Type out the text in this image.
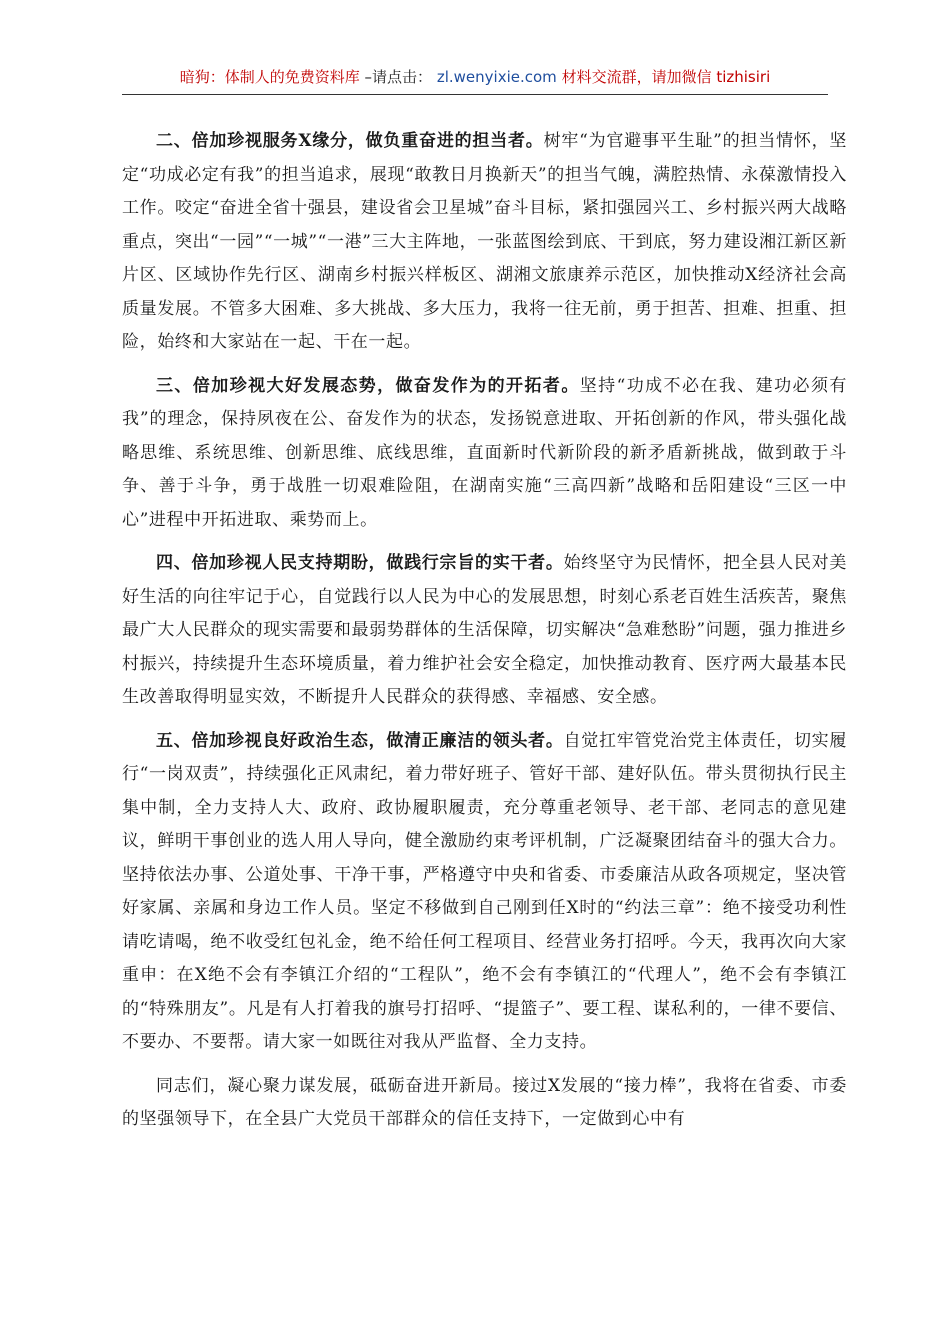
暗狗：体制人的免费资料库 –请点击： zl.wenyixie.com 材料交流群，请加微信 tizhisiri

二、倍加珍视服务X缘分，做负重奋进的担当者。树牢“为官避事平生耻”的担当情怀，坚定“功成必定有我”的担当追求，展现“敢教日月换新天”的担当气魄，满腔热情、永葆激情投入工作。咬定“奋进全省十强县，建设省会卫星城”奋斗目标，紧扣强园兴工、乡村振兴两大战略重点，突出“一园”“一城”“一港”三大主阵地，一张蓝图绘到底、干到底，努力建设湘江新区新片区、区域协作先行区、湖南乡村振兴样板区、湖湘文旅康养示范区，加快推动X经济社会高质量发展。不管多大困难、多大挑战、多大压力，我将一往无前，勇于担苦、担难、担重、担险，始终和大家站在一起、干在一起。

三、倍加珍视大好发展态势，做奋发作为的开拓者。坚持“功成不必在我、建功必须有我”的理念，保持夙夜在公、奋发作为的状态，发扬锐意进取、开拓创新的作风，带头强化战略思维、系统思维、创新思维、底线思维，直面新时代新阶段的新矛盾新挑战，做到敢于斗争、善于斗争，勇于战胜一切艰难险阻，在湖南实施“三高四新”战略和岳阳建设“三区一中心”进程中开拓进取、乘势而上。

四、倍加珍视人民支持期盼，做践行宗旨的实干者。始终坚守为民情怀，把全县人民对美好生活的向往牢记于心，自觉践行以人民为中心的发展思想，时刻心系老百姓生活疾苦，聚焦最广大人民群众的现实需要和最弱势群体的生活保障，切实解决“急难愁盼”问题，强力推进乡村振兴，持续提升生态环境质量，着力维护社会安全稳定，加快推动教育、医疗两大最基本民生改善取得明显实效，不断提升人民群众的获得感、幸福感、安全感。

五、倍加珍视良好政治生态，做清正廉洁的领头者。自觉扛牢管党治党主体责任，切实履行“一岗双责”，持续强化正风肃纪，着力带好班子、管好干部、建好队伍。带头贯彻执行民主集中制，全力支持人大、政府、政协履职履责，充分尊重老领导、老干部、老同志的意见建议，鲜明干事创业的选人用人导向，健全激励约束考评机制，广泛凝聚团结奋斗的强大合力。坚持依法办事、公道处事、干净干事，严格遵守中央和省委、市委廉洁从政各项规定，坚决管好家属、亲属和身边工作人员。坚定不移做到自己刚到任X时的“约法三章”：绝不接受功利性请吃请喝，绝不收受红包礼金，绝不给任何工程项目、经营业务打招呼。今天，我再次向大家重申：在X绝不会有李镇江介绍的“工程队”，绝不会有李镇江的“代理人”，绝不会有李镇江的“特殊朋友”。凡是有人打着我的旗号打招呼、“提篮子”、要工程、谋私利的，一律不要信、不要办、不要帮。请大家一如既往对我从严监督、全力支持。

同志们，凝心聚力谋发展，砥砺奋进开新局。接过X发展的“接力棒”，我将在省委、市委的坚强领导下，在全县广大党员干部群众的信任支持下，一定做到心中有
